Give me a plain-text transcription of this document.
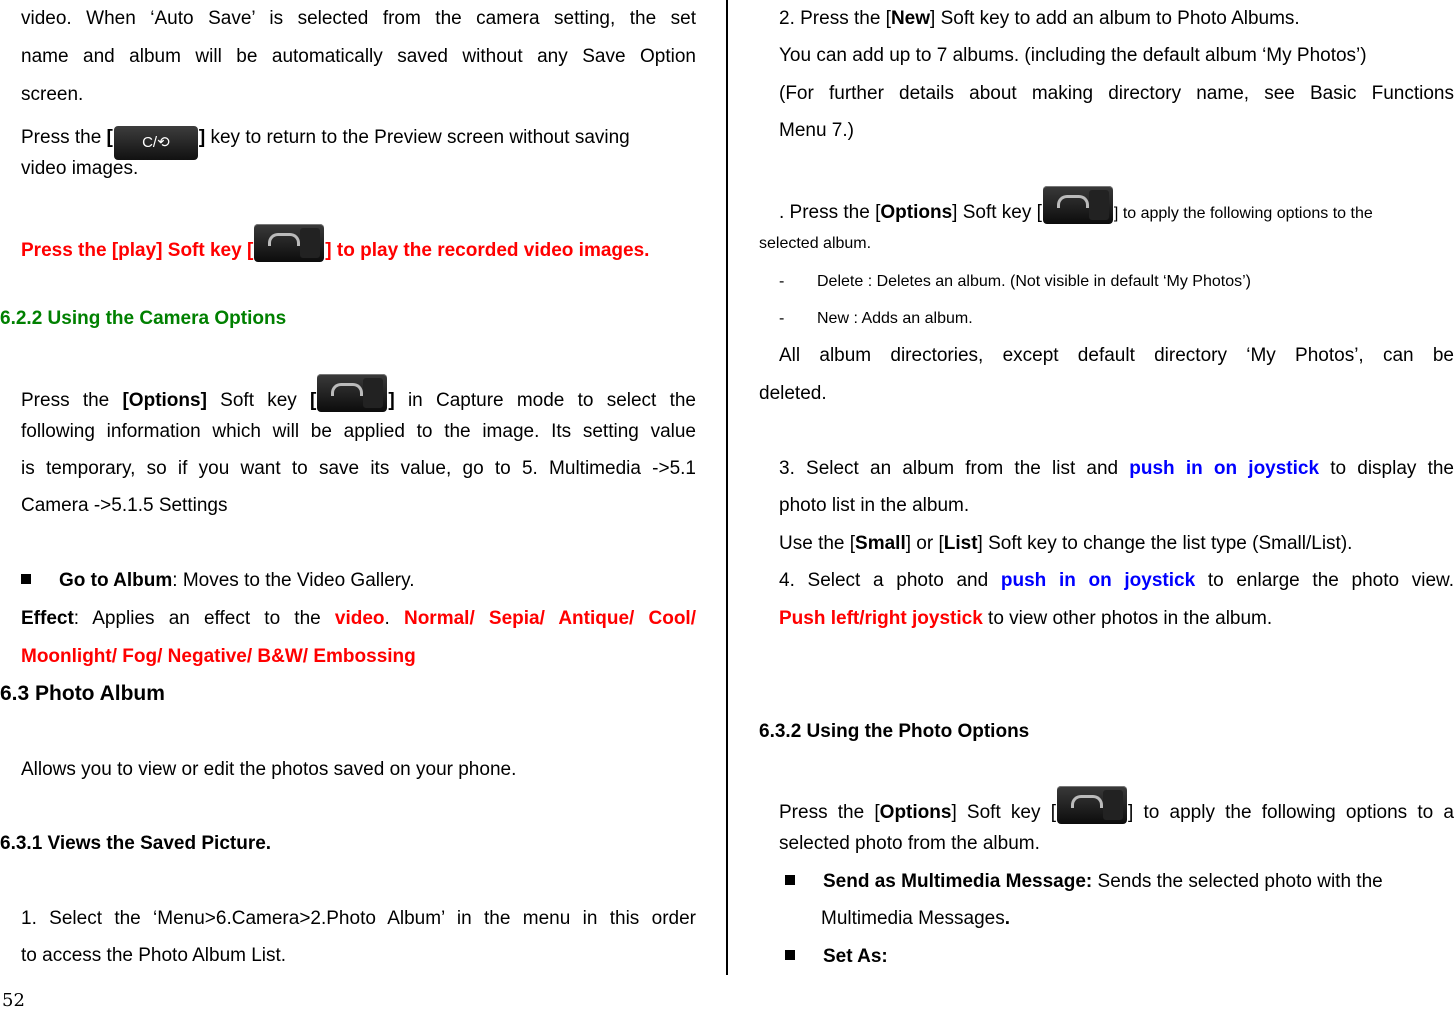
video. When ‘Auto Save’ is selected from the camera setting, the set
name and album will be automatically saved without any Save Option
screen.
Press the [ C/⟲ ] key to return to the Preview screen without saving
video images.
Press the [play] Soft key [	] to play the recorded video images.
6.2.2 Using the Camera Options
Press the [Options] Soft key [	] in Capture mode to select the
following information which will be applied to the image. Its setting value
is temporary, so if you want to save its value, go to 5. Multimedia ->5.1
Camera ->5.1.5 Settings
Go to Album: Moves to the Video Gallery.
Effect: Applies an effect to the video. Normal/ Sepia/ Antique/ Cool/
Moonlight/ Fog/ Negative/ B&W/ Embossing
6.3 Photo Album
Allows you to view or edit the photos saved on your phone.
6.3.1 Views the Saved Picture.
1. Select the ‘Menu>6.Camera>2.Photo Album’ in the menu in this order
to access the Photo Album List.
2. Press the [New] Soft key to add an album to Photo Albums.
You can add up to 7 albums. (including the default album ‘My Photos’)
(For further details about making directory name, see Basic Functions
Menu 7.)
. Press the [Options] Soft key [	] to apply the following options to the
selected album.
- Delete : Deletes an album. (Not visible in default ‘My Photos’)
- New : Adds an album.
All album directories, except default directory ‘My Photos’, can be
deleted.
3. Select an album from the list and push in on joystick to display the
photo list in the album.
Use the [Small] or [List] Soft key to change the list type (Small/List).
4. Select a photo and push in on joystick to enlarge the photo view.
Push left/right joystick to view other photos in the album.
6.3.2 Using the Photo Options
Press the [Options] Soft key [	] to apply the following options to a
selected photo from the album.
Send as Multimedia Message: Sends the selected photo with the
Multimedia Messages.
Set As:
52
